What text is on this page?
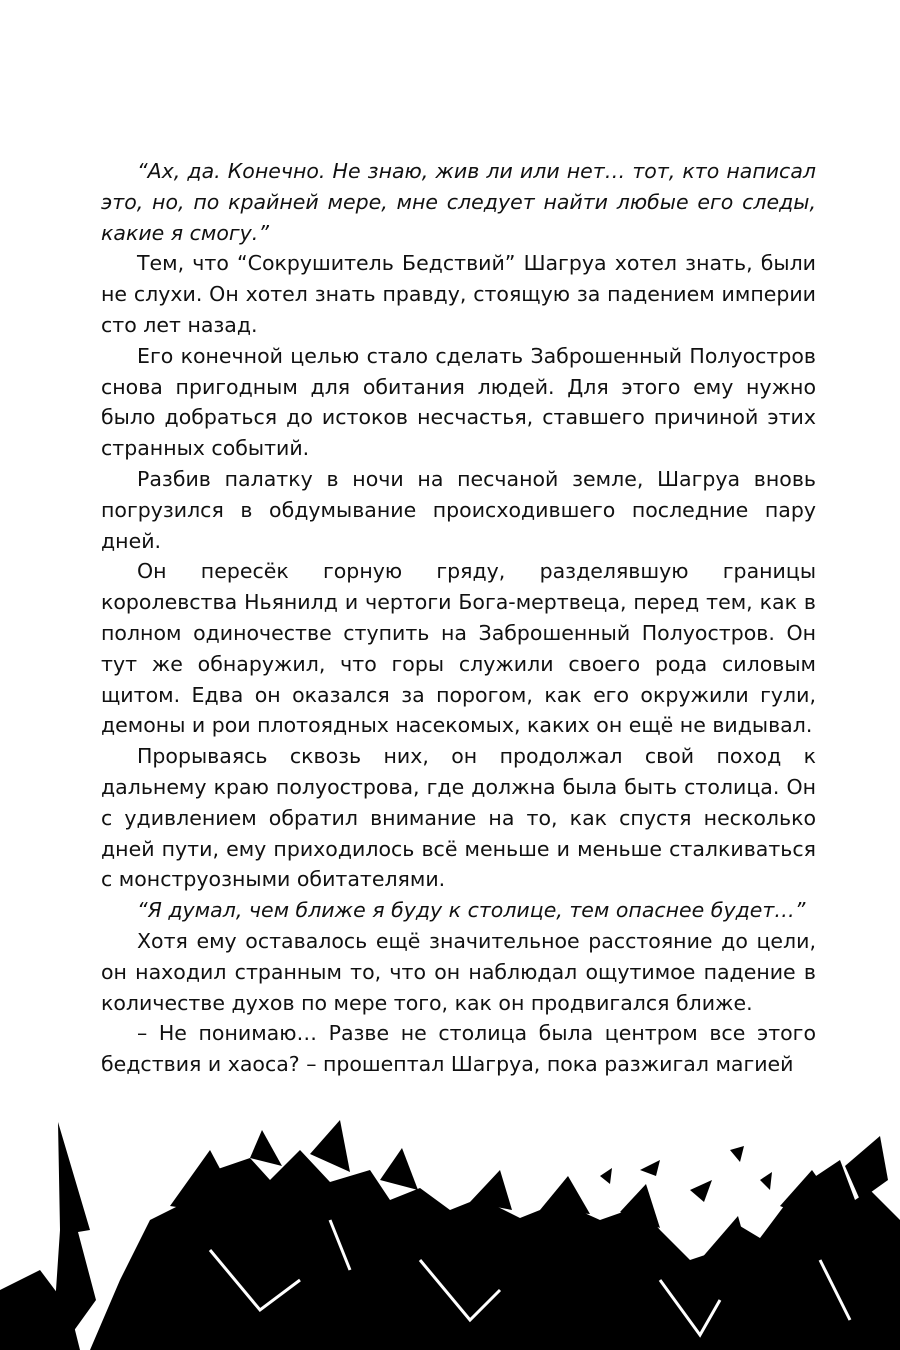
“Ах, да. Конечно. Не знаю, жив ли или нет… тот, кто написал это, но, по крайней мере, мне следует найти любые его следы, какие я смогу.”

Тем, что “Сокрушитель Бедствий” Шагруа хотел знать, были не слухи. Он хотел знать правду, стоящую за падением империи сто лет назад.

Его конечной целью стало сделать Заброшенный Полуостров снова пригодным для обитания людей. Для этого ему нужно было добраться до истоков несчастья, ставшего причиной этих странных событий.

Разбив палатку в ночи на песчаной земле, Шагруа вновь погрузился в обдумывание происходившего последние пару дней.

Он пересёк горную гряду, разделявшую границы королевства Ньянилд и чертоги Бога-мертвеца, перед тем, как в полном одиночестве ступить на Заброшенный Полуостров. Он тут же обнаружил, что горы служили своего рода силовым щитом. Едва он оказался за порогом, как его окружили гули, демоны и рои плотоядных насекомых, каких он ещё не видывал.

Прорываясь сквозь них, он продолжал свой поход к дальнему краю полуострова, где должна была быть столица. Он с удивлением обратил внимание на то, как спустя несколько дней пути, ему приходилось всё меньше и меньше сталкиваться с монструозными обитателями.

“Я думал, чем ближе я буду к столице, тем опаснее будет…”

Хотя ему оставалось ещё значительное расстояние до цели, он находил странным то, что он наблюдал ощутимое падение в количестве духов по мере того, как он продвигался ближе.

– Не понимаю… Разве не столица была центром все этого бедствия и хаоса? – прошептал Шагруа, пока разжигал магией
